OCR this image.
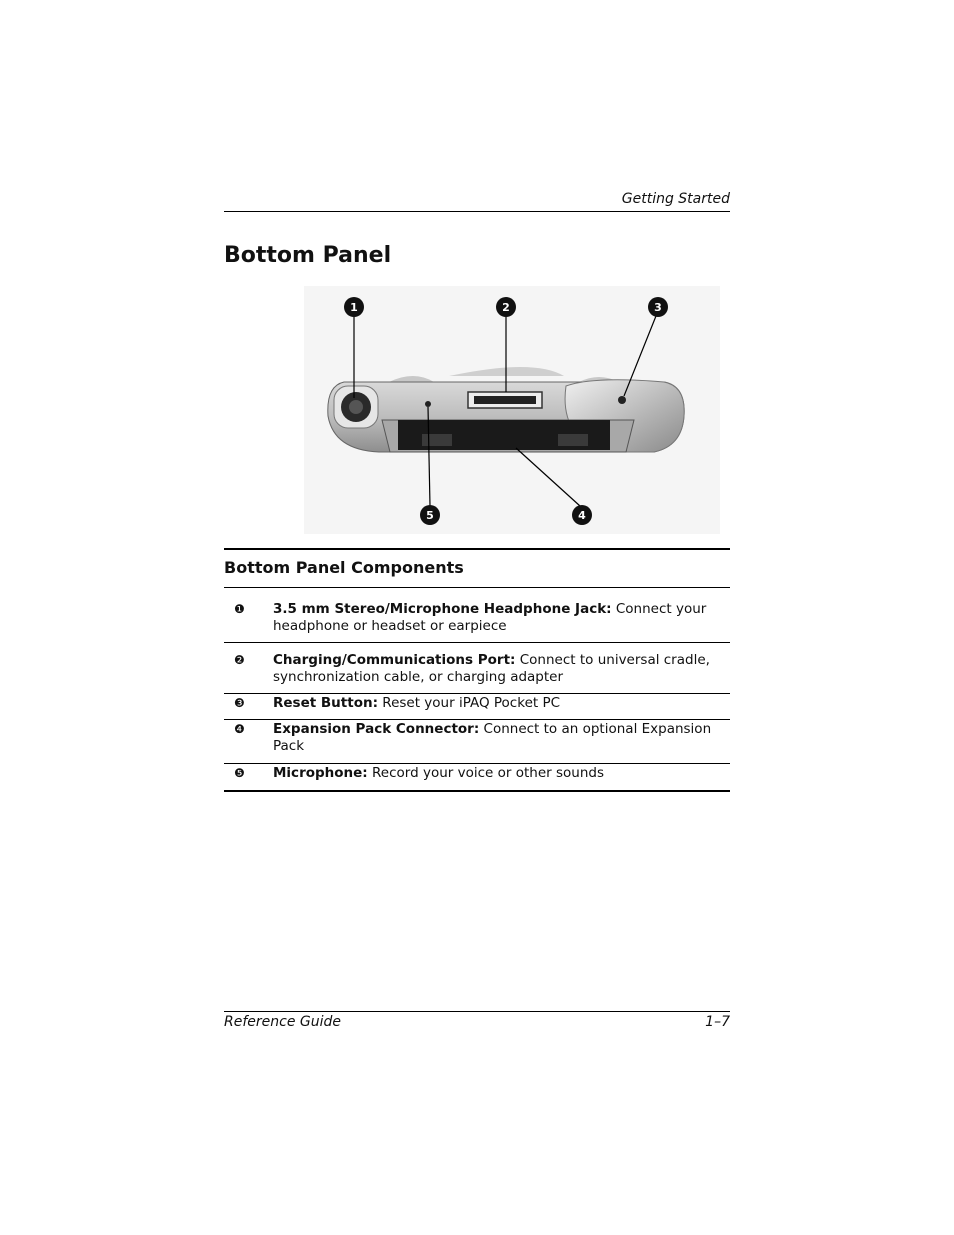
Getting Started
Bottom Panel
1	2	3
4
5
Bottom Panel Components
❶	3.5 mm Stereo/Microphone Headphone Jack: Connect your headphone or headset or earpiece
❷	Charging/Communications Port: Connect to universal cradle, synchronization cable, or charging adapter
❸	Reset Button: Reset your iPAQ Pocket PC
❹	Expansion Pack Connector: Connect to an optional Expansion Pack
❺	Microphone: Record your voice or other sounds
Reference Guide	1–7
